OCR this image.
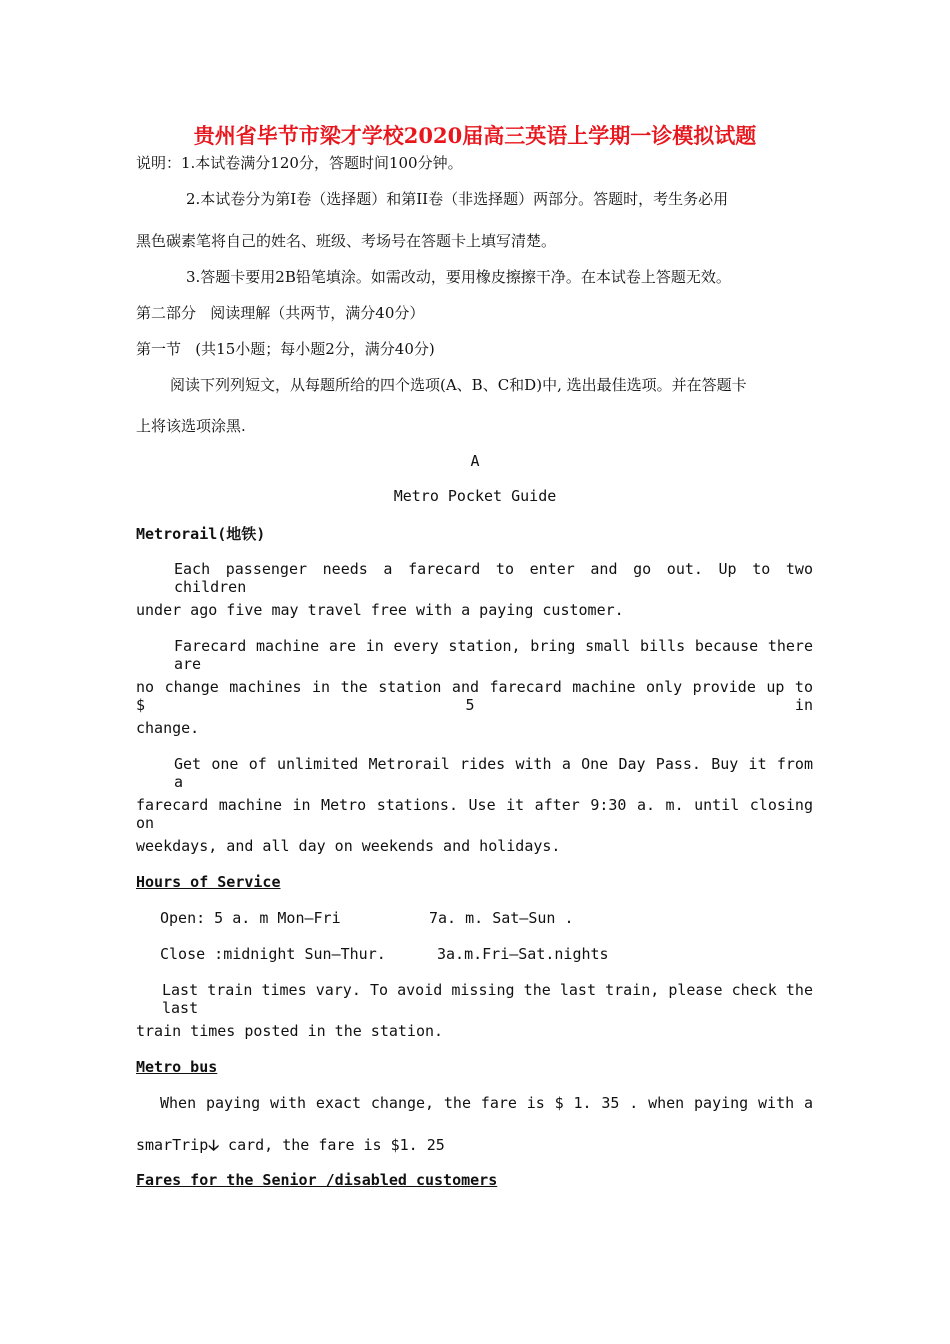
贵州省毕节市梁才学校2020届高三英语上学期一诊模拟试题
说明：1.本试卷满分120分，答题时间100分钟。
2.本试卷分为第I卷（选择题）和第II卷（非选择题）两部分。答题时，考生务必用
黑色碳素笔将自己的姓名、班级、考场号在答题卡上填写清楚。
3.答题卡要用2B铅笔填涂。如需改动，要用橡皮擦擦干净。在本试卷上答题无效。
第二部分   阅读理解（共两节，满分40分）
第一节   (共15小题；每小题2分，满分40分)
阅读下列列短文，从每题所给的四个选项(A、B、C和D)中, 选出最佳选项。并在答题卡
上将该选项涂黑.
A
Metro Pocket Guide
Metrorail(地铁)
Each passenger needs a farecard to enter and go out. Up to two children
under ago five may travel free with a paying customer.
Farecard machine are in every station, bring small bills because there are
no change machines in the station and farecard machine only provide up to $ 5 in
change.
Get one of unlimited Metrorail rides with a One Day Pass. Buy it from a
farecard machine in Metro stations. Use it after 9:30 a. m. until closing on
weekdays, and all day on weekends and holidays.
Hours of Service
Open: 5 a. m Mon—Fri	7a. m. Sat—Sun .
Close :midnight Sun—Thur.	3a.m.Fri—Sat.nights
Last train times vary. To avoid missing the last train, please check the last
train times posted in the station.
Metro bus
When paying with exact change, the fare is $ 1. 35 . when paying with a
smarTrip🡣 card, the fare is $1. 25
Fares for the Senior /disabled customers
